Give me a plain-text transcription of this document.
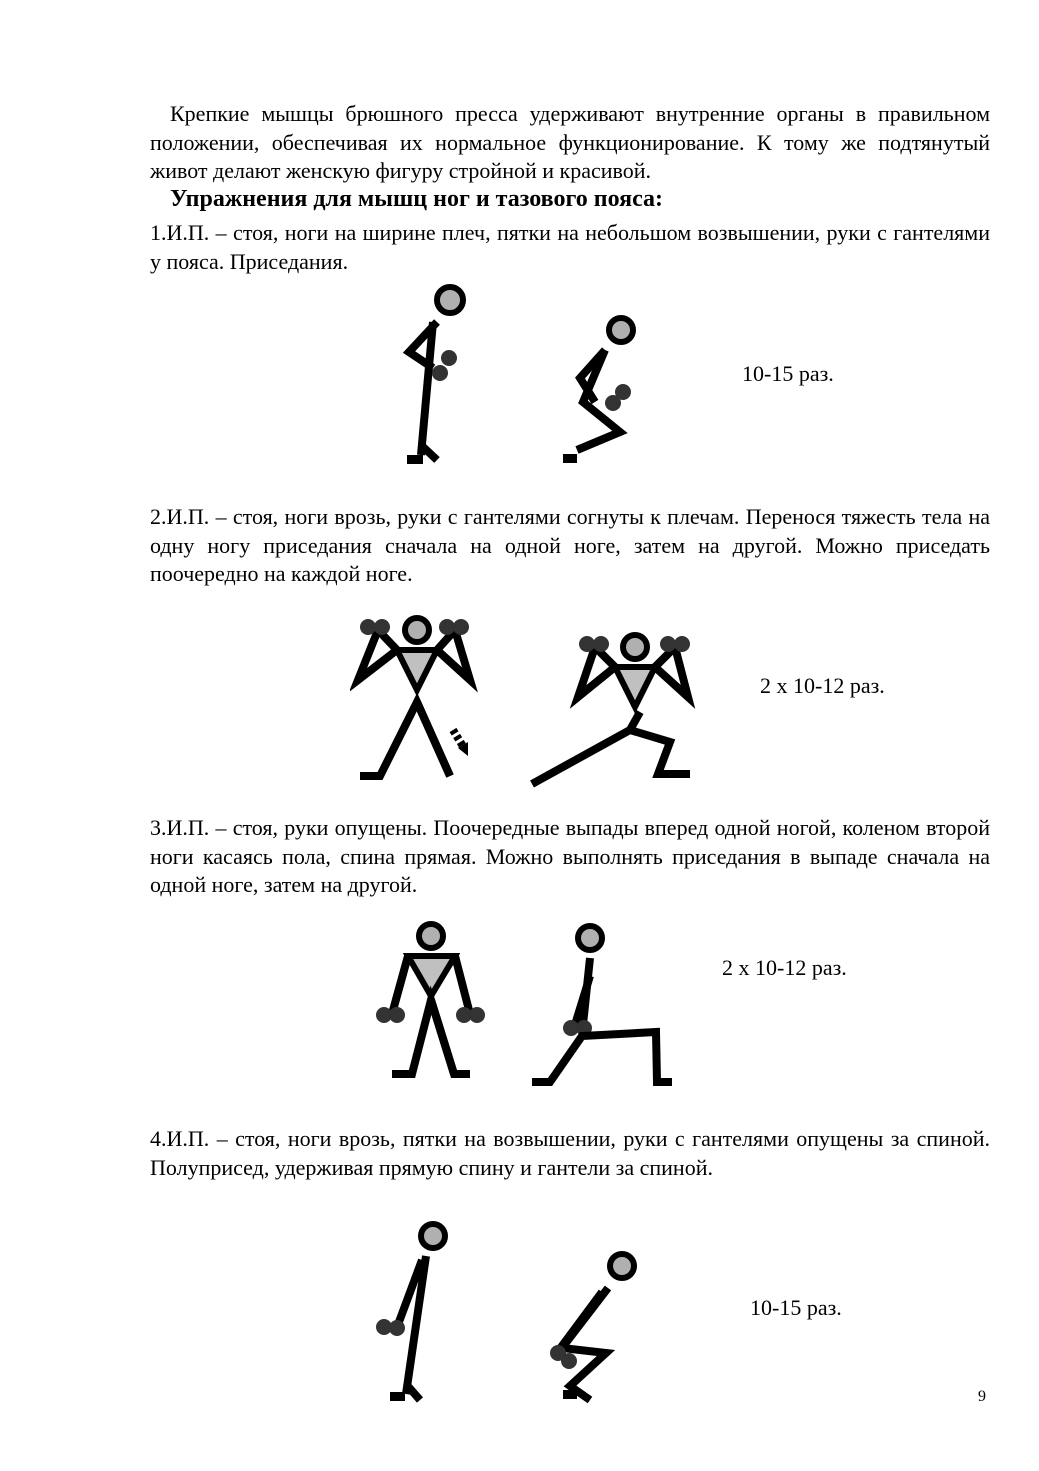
Крепкие мышцы брюшного пресса удерживают внутренние органы в правильном положении, обеспечивая их нормальное функционирование. К тому же подтянутый живот делают женскую фигуру стройной и красивой.

Упражнения для мышц ног и тазового пояса:

1.И.П. – стоя, ноги на ширине плеч, пятки на небольшом возвышении, руки с гантелями у пояса. Приседания.

10-15 раз.

2.И.П. – стоя, ноги врозь, руки с гантелями согнуты к плечам. Перенося тяжесть тела на одну ногу приседания сначала на одной ноге, затем на другой. Можно приседать поочередно на каждой ноге.

2 х 10-12 раз.

3.И.П. – стоя, руки опущены. Поочередные выпады вперед одной ногой, коленом второй ноги касаясь пола, спина прямая. Можно выполнять приседания в выпаде сначала на одной ноге, затем на другой.

2 х 10-12 раз.

4.И.П. – стоя, ноги врозь, пятки на возвышении, руки с гантелями опущены за спиной. Полуприсед, удерживая прямую спину и гантели за спиной.

10-15 раз.
9
